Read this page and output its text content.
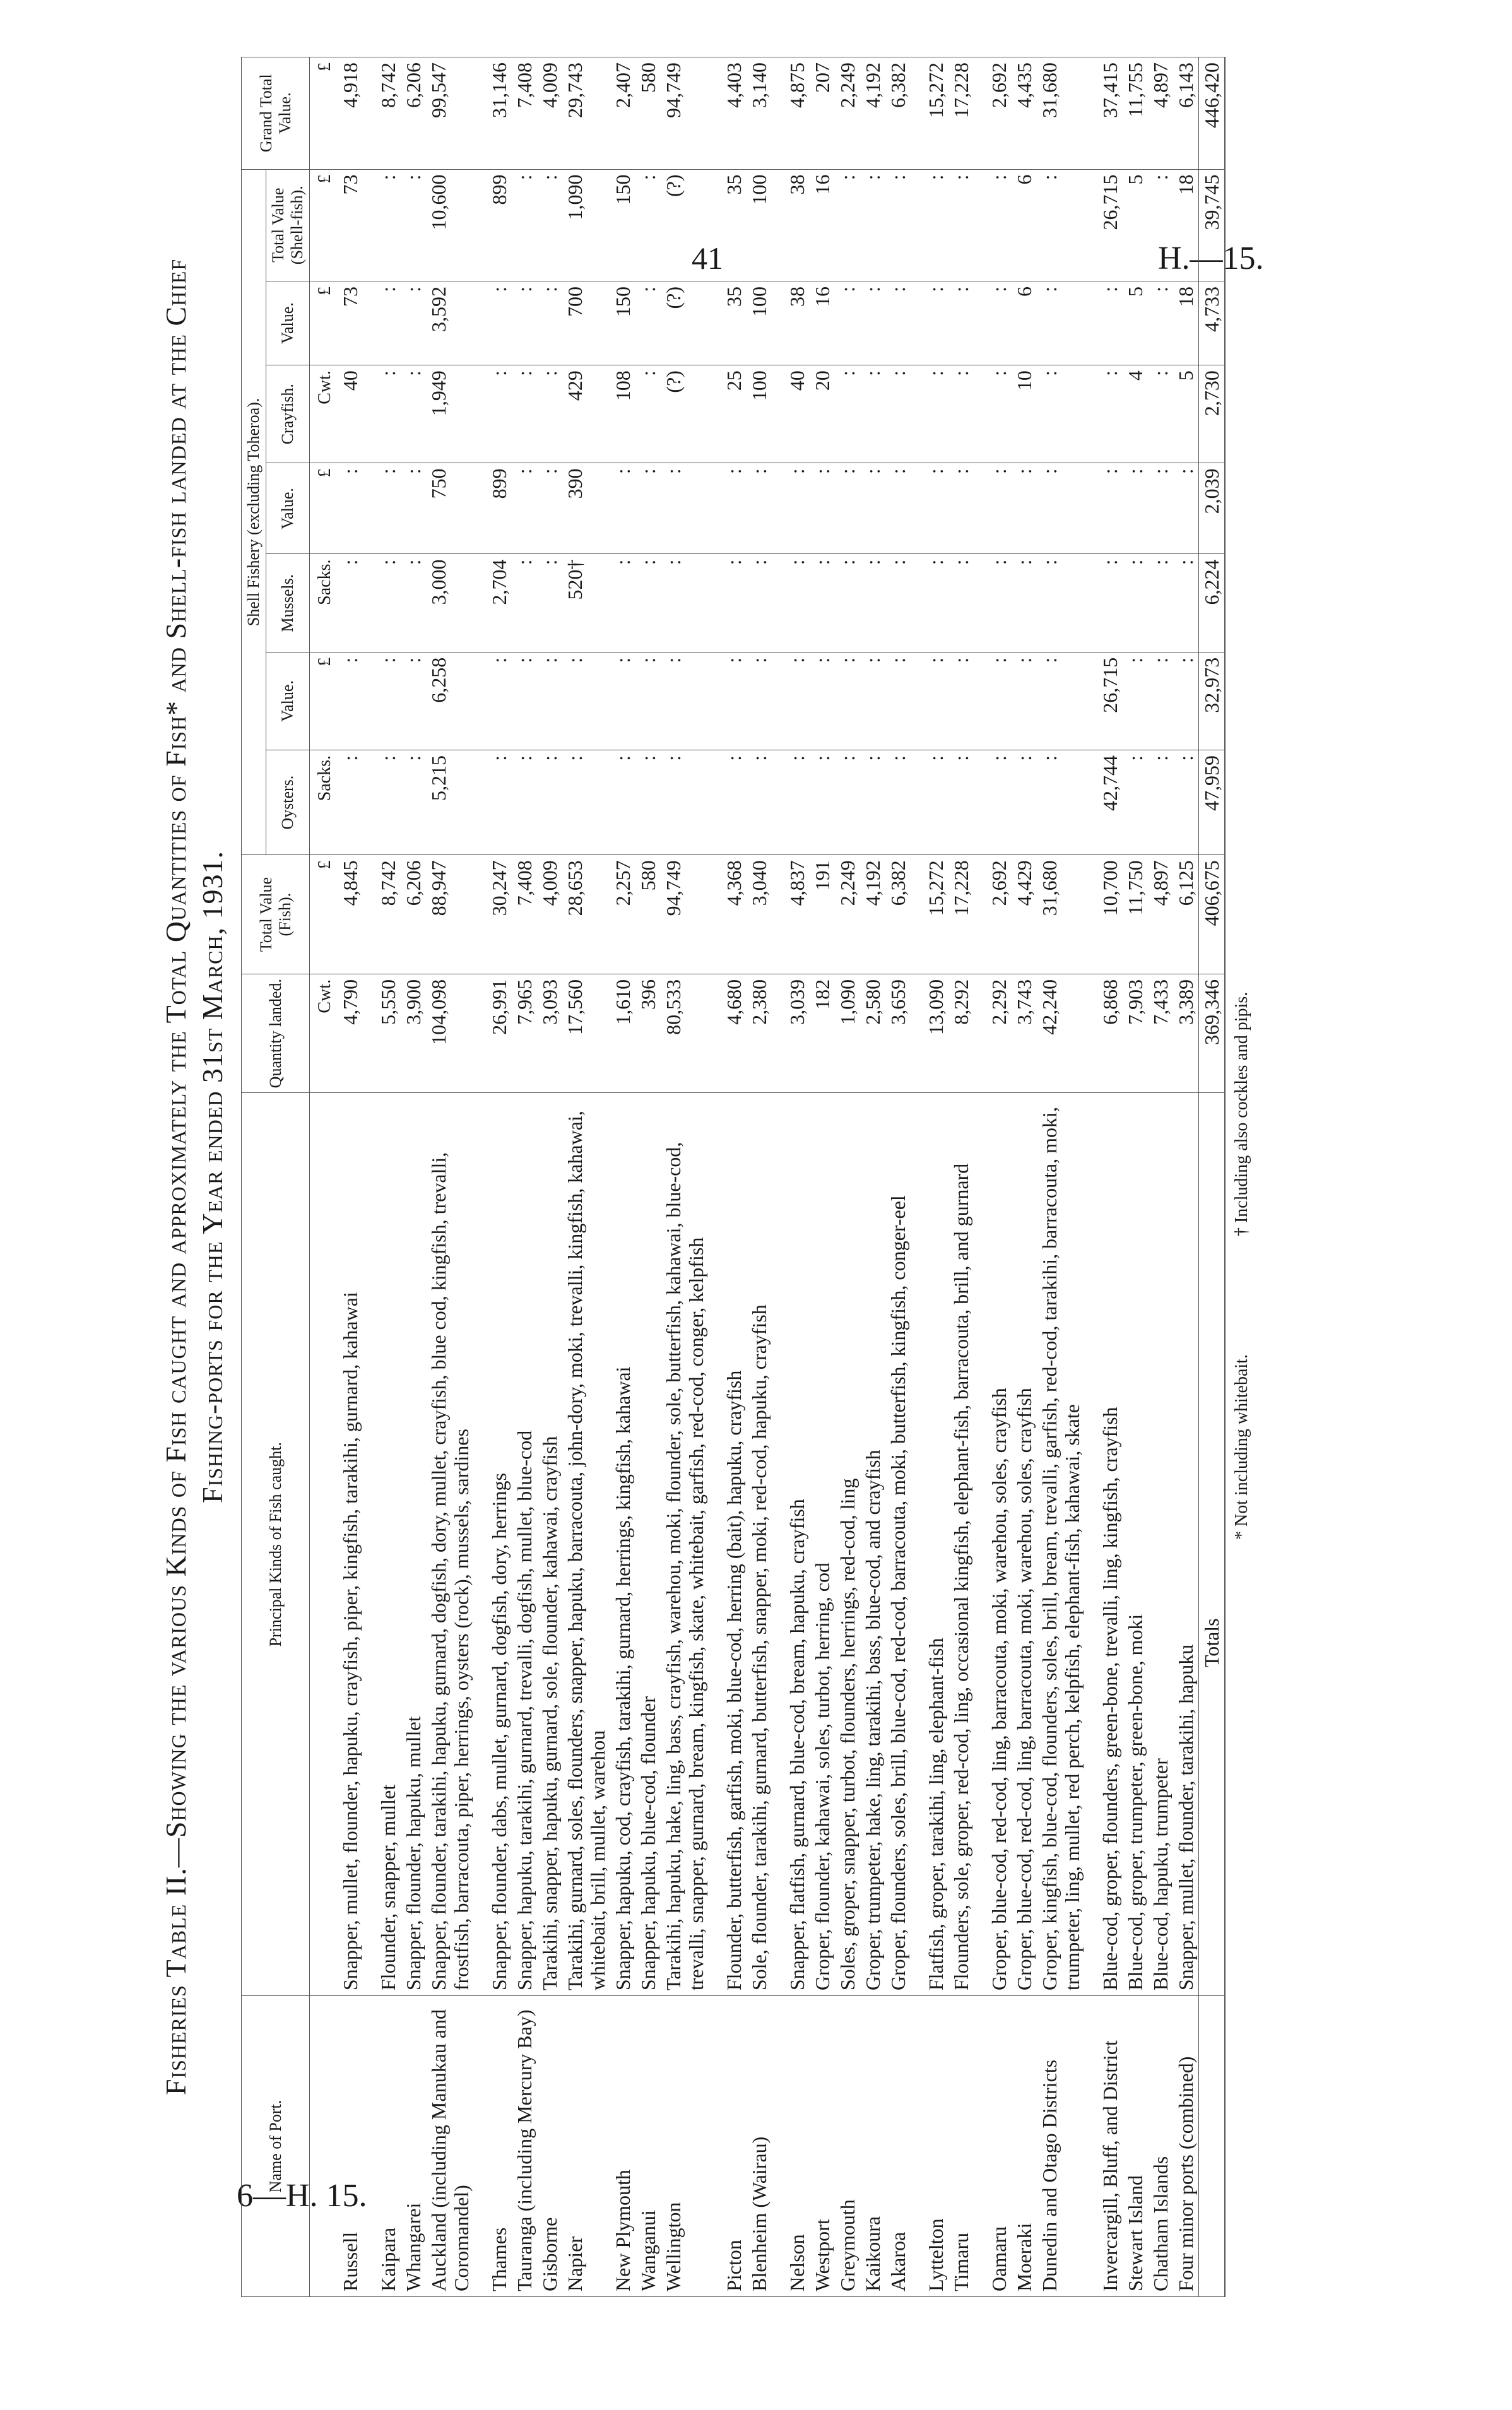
41	H.—15.
6—H. 15.
Fisheries Table II.—Showing the various Kinds of Fish caught and approximately the Total Quantities of Fish* and Shell-fish landed at the Chief Fishing-ports for the Year ended 31st March, 1931.
Name of Port.	Principal Kinds of Fish caught.	Quantity landed.	Total Value (Fish).	Shell Fishery (excluding Toheroa).							Grand Total Value.
				Oysters.	Value.	Mussels.	Value.	Crayfish.	Value.	Total Value (Shell-fish).	
		Cwt.	£	Sacks.	£	Sacks.	£	Cwt.	£	£	£
Russell	Snapper, mullet, flounder, hapuku, crayfish, piper, kingfish, tarakihi, gurnard, kahawai	4,790	4,845	:	:	:	:	40	73	73	4,918
Kaipara	Flounder, snapper, mullet	5,550	8,742	:	:	:	:	:	:	:	8,742
Whangarei	Snapper, flounder, hapuku, mullet	3,900	6,206	:	:	:	:	:	:	:	6,206
Auckland (including Manukau and Coromandel)	Snapper, flounder, tarakihi, hapuku, gurnard, dogfish, dory, mullet, crayfish, blue cod, kingfish, trevalli, frostfish, barracouta, piper, herrings, oysters (rock), mussels, sardines	104,098	88,947	5,215	6,258	3,000	750	1,949	3,592	10,600	99,547
Thames	Snapper, flounder, dabs, mullet, gurnard, dogfish, dory, herrings	26,991	30,247	:	:	2,704	899	:	:	899	31,146
Tauranga (including Mercury Bay)	Snapper, hapuku, tarakihi, gurnard, trevalli, dogfish, mullet, blue-cod	7,965	7,408	:	:	:	:	:	:	:	7,408
Gisborne	Tarakihi, snapper, hapuku, gurnard, sole, flounder, kahawai, crayfish	3,093	4,009	:	:	:	:	:	:	:	4,009
Napier	Tarakihi, gurnard, soles, flounders, snapper, hapuku, barracouta, john-dory, moki, trevalli, kingfish, kahawai, whitebait, brill, mullet, warehou	17,560	28,653	:	:	520†	390	429	700	1,090	29,743
New Plymouth	Snapper, hapuku, cod, crayfish, tarakihi, gurnard, herrings, kingfish, kahawai	1,610	2,257	:	:	:	:	108	150	150	2,407
Wanganui	Snapper, hapuku, blue-cod, flounder	396	580	:	:	:	:	:	:	:	580
Wellington	Tarakihi, hapuku, hake, ling, bass, crayfish, warehou, moki, flounder, sole, butterfish, kahawai, blue-cod, trevalli, snapper, gurnard, bream, kingfish, skate, whitebait, garfish, red-cod, conger, kelpfish	80,533	94,749	:	:	:	:	(?)	(?)	(?)	94,749
Picton	Flounder, butterfish, garfish, moki, blue-cod, herring (bait), hapuku, crayfish	4,680	4,368	:	:	:	:	25	35	35	4,403
Blenheim (Wairau)	Sole, flounder, tarakihi, gurnard, butterfish, snapper, moki, red-cod, hapuku, crayfish	2,380	3,040	:	:	:	:	100	100	100	3,140
Nelson	Snapper, flatfish, gurnard, blue-cod, bream, hapuku, crayfish	3,039	4,837	:	:	:	:	40	38	38	4,875
Westport	Groper, flounder, kahawai, soles, turbot, herring, cod	182	191	:	:	:	:	20	16	16	207
Greymouth	Soles, groper, snapper, turbot, flounders, herrings, red-cod, ling	1,090	2,249	:	:	:	:	:	:	:	2,249
Kaikoura	Groper, trumpeter, hake, ling, tarakihi, bass, blue-cod, and crayfish	2,580	4,192	:	:	:	:	:	:	:	4,192
Akaroa	Groper, flounders, soles, brill, blue-cod, red-cod, barracouta, moki, butterfish, kingfish, conger-eel	3,659	6,382	:	:	:	:	:	:	:	6,382
Lyttelton	Flatfish, groper, tarakihi, ling, elephant-fish	13,090	15,272	:	:	:	:	:	:	:	15,272
Timaru	Flounders, sole, groper, red-cod, ling, occasional kingfish, elephant-fish, barracouta, brill, and gurnard	8,292	17,228	:	:	:	:	:	:	:	17,228
Oamaru	Groper, blue-cod, red-cod, ling, barracouta, moki, warehou, soles, crayfish	2,292	2,692	:	:	:	:	:	:	:	2,692
Moeraki	Groper, blue-cod, red-cod, ling, barracouta, moki, warehou, soles, crayfish	3,743	4,429	:	:	:	:	10	6	6	4,435
Dunedin and Otago Districts	Groper, kingfish, blue-cod, flounders, soles, brill, bream, trevalli, garfish, red-cod, tarakihi, barracouta, moki, trumpeter, ling, mullet, red perch, kelpfish, elephant-fish, kahawai, skate	42,240	31,680	:	:	:	:	:	:	:	31,680
Invercargill, Bluff, and District	Blue-cod, groper, flounders, green-bone, trevalli, ling, kingfish, crayfish	6,868	10,700	42,744	26,715	:	:	:	:	26,715	37,415
Stewart Island	Blue-cod, groper, trumpeter, green-bone, moki	7,903	11,750	:	:	:	:	4	5	5	11,755
Chatham Islands	Blue-cod, hapuku, trumpeter	7,433	4,897	:	:	:	:	:	:	:	4,897
Four minor ports (combined)	Snapper, mullet, flounder, tarakihi, hapuku	3,389	6,125	:	:	:	:	5	18	18	6,143
	Totals	369,346	406,675	47,959	32,973	6,224	2,039	2,730	4,733	39,745	446,420
* Not including whitebait. † Including also cockles and pipis.
